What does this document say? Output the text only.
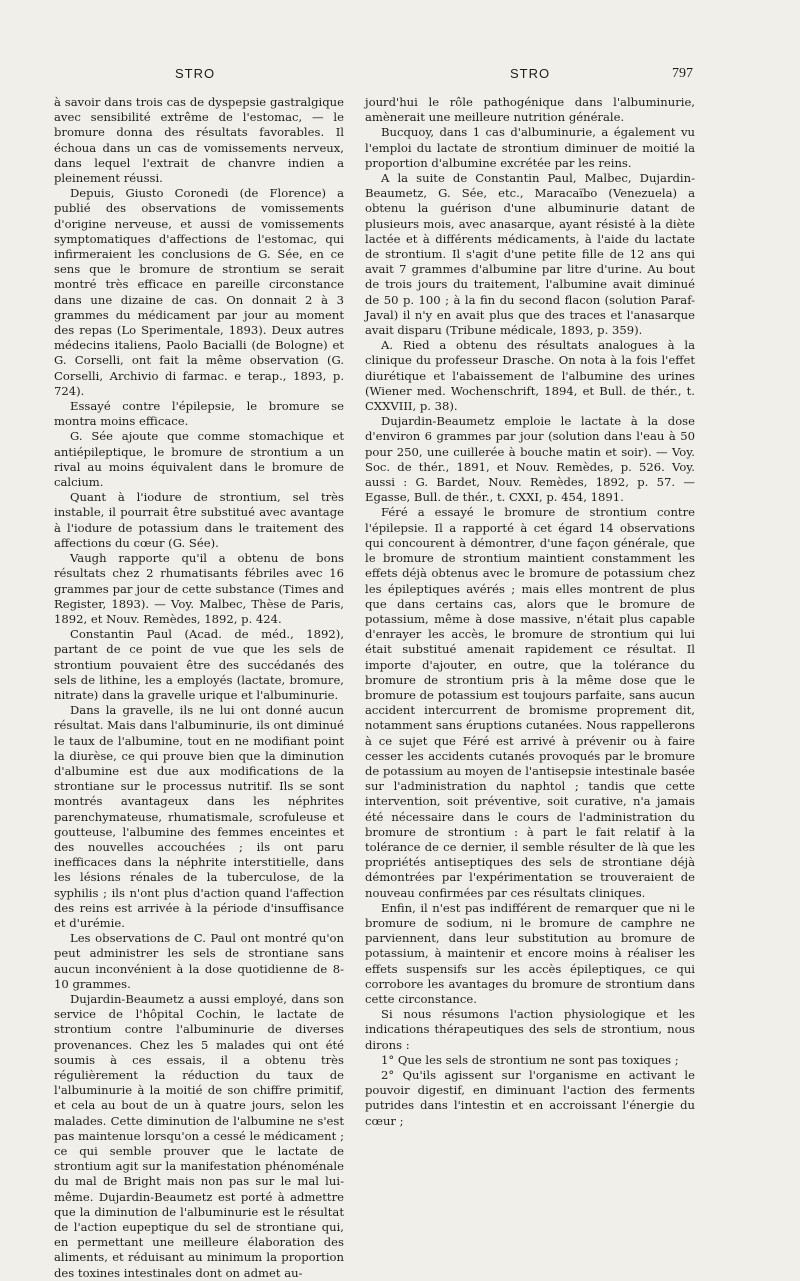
STRO	STRO	797

à savoir dans trois cas de dyspepsie gastralgique avec sensibilité extrême de l'estomac, — le bromure donna des résultats favorables. Il échoua dans un cas de vomissements nerveux, dans lequel l'extrait de chanvre indien a pleinement réussi.

Depuis, Giusto Coronedi (de Florence) a publié des observations de vomissements d'origine nerveuse, et aussi de vomissements symptomatiques d'affections de l'estomac, qui infirmeraient les conclusions de G. Sée, en ce sens que le bromure de strontium se serait montré très efficace en pareille circonstance dans une dizaine de cas. On donnait 2 à 3 grammes du médicament par jour au moment des repas (Lo Sperimentale, 1893). Deux autres médecins italiens, Paolo Bacialli (de Bologne) et G. Corselli, ont fait la même observation (G. Corselli, Archivio di farmac. e terap., 1893, p. 724).

Essayé contre l'épilepsie, le bromure se montra moins efficace.

G. Sée ajoute que comme stomachique et antiépileptique, le bromure de strontium a un rival au moins équivalent dans le bromure de calcium.

Quant à l'iodure de strontium, sel très instable, il pourrait être substitué avec avantage à l'iodure de potassium dans le traitement des affections du cœur (G. Sée).

Vaugh rapporte qu'il a obtenu de bons résultats chez 2 rhumatisants fébriles avec 16 grammes par jour de cette substance (Times and Register, 1893). — Voy. Malbec, Thèse de Paris, 1892, et Nouv. Remèdes, 1892, p. 424.

Constantin Paul (Acad. de méd., 1892), partant de ce point de vue que les sels de strontium pouvaient être des succédanés des sels de lithine, les a employés (lactate, bromure, nitrate) dans la gravelle urique et l'albuminurie.

Dans la gravelle, ils ne lui ont donné aucun résultat. Mais dans l'albuminurie, ils ont diminué le taux de l'albumine, tout en ne modifiant point la diurèse, ce qui prouve bien que la diminution d'albumine est due aux modifications de la strontiane sur le processus nutritif. Ils se sont montrés avantageux dans les néphrites parenchymateuse, rhumatismale, scrofuleuse et goutteuse, l'albumine des femmes enceintes et des nouvelles accouchées ; ils ont paru inefficaces dans la néphrite interstitielle, dans les lésions rénales de la tuberculose, de la syphilis ; ils n'ont plus d'action quand l'affection des reins est arrivée à la période d'insuffisance et d'urémie.

Les observations de C. Paul ont montré qu'on peut administrer les sels de strontiane sans aucun inconvénient à la dose quotidienne de 8-10 grammes.

Dujardin-Beaumetz a aussi employé, dans son service de l'hôpital Cochin, le lactate de strontium contre l'albuminurie de diverses provenances. Chez les 5 malades qui ont été soumis à ces essais, il a obtenu très régulièrement la réduction du taux de l'albuminurie à la moitié de son chiffre primitif, et cela au bout de un à quatre jours, selon les malades. Cette diminution de l'albumine ne s'est pas maintenue lorsqu'on a cessé le médicament ; ce qui semble prouver que le lactate de strontium agit sur la manifestation phénoménale du mal de Bright mais non pas sur le mal lui-même. Dujardin-Beaumetz est porté à admettre que la diminution de l'albuminurie est le résultat de l'action eupeptique du sel de strontiane qui, en permettant une meilleure élaboration des aliments, et réduisant au minimum la proportion des toxines intestinales dont on admet au-

jourd'hui le rôle pathogénique dans l'albuminurie, amènerait une meilleure nutrition générale.

Bucquoy, dans 1 cas d'albuminurie, a également vu l'emploi du lactate de strontium diminuer de moitié la proportion d'albumine excrétée par les reins.

A la suite de Constantin Paul, Malbec, Dujardin-Beaumetz, G. Sée, etc., Maracaïbo (Venezuela) a obtenu la guérison d'une albuminurie datant de plusieurs mois, avec anasarque, ayant résisté à la diète lactée et à différents médicaments, à l'aide du lactate de strontium. Il s'agit d'une petite fille de 12 ans qui avait 7 grammes d'albumine par litre d'urine. Au bout de trois jours du traitement, l'albumine avait diminué de 50 p. 100 ; à la fin du second flacon (solution Paraf-Javal) il n'y en avait plus que des traces et l'anasarque avait disparu (Tribune médicale, 1893, p. 359).

A. Ried a obtenu des résultats analogues à la clinique du professeur Drasche. On nota à la fois l'effet diurétique et l'abaissement de l'albumine des urines (Wiener med. Wochenschrift, 1894, et Bull. de thér., t. CXXVIII, p. 38).

Dujardin-Beaumetz emploie le lactate à la dose d'environ 6 grammes par jour (solution dans l'eau à 50 pour 250, une cuillerée à bouche matin et soir). — Voy. Soc. de thér., 1891, et Nouv. Remèdes, p. 526. Voy. aussi : G. Bardet, Nouv. Remèdes, 1892, p. 57. — Egasse, Bull. de thér., t. CXXI, p. 454, 1891.

Féré a essayé le bromure de strontium contre l'épilepsie. Il a rapporté à cet égard 14 observations qui concourent à démontrer, d'une façon générale, que le bromure de strontium maintient constamment les effets déjà obtenus avec le bromure de potassium chez les épileptiques avérés ; mais elles montrent de plus que dans certains cas, alors que le bromure de potassium, même à dose massive, n'était plus capable d'enrayer les accès, le bromure de strontium qui lui était substitué amenait rapidement ce résultat. Il importe d'ajouter, en outre, que la tolérance du bromure de strontium pris à la même dose que le bromure de potassium est toujours parfaite, sans aucun accident intercurrent de bromisme proprement dit, notamment sans éruptions cutanées. Nous rappellerons à ce sujet que Féré est arrivé à prévenir ou à faire cesser les accidents cutanés provoqués par le bromure de potassium au moyen de l'antisepsie intestinale basée sur l'administration du naphtol ; tandis que cette intervention, soit préventive, soit curative, n'a jamais été nécessaire dans le cours de l'administration du bromure de strontium : à part le fait relatif à la tolérance de ce dernier, il semble résulter de là que les propriétés antiseptiques des sels de strontiane déjà démontrées par l'expérimentation se trouveraient de nouveau confirmées par ces résultats cliniques.

Enfin, il n'est pas indifférent de remarquer que ni le bromure de sodium, ni le bromure de camphre ne parviennent, dans leur substitution au bromure de potassium, à maintenir et encore moins à réaliser les effets suspensifs sur les accès épileptiques, ce qui corrobore les avantages du bromure de strontium dans cette circonstance.

Si nous résumons l'action physiologique et les indications thérapeutiques des sels de strontium, nous dirons :

1° Que les sels de strontium ne sont pas toxiques ;

2° Qu'ils agissent sur l'organisme en activant le pouvoir digestif, en diminuant l'action des ferments putrides dans l'intestin et en accroissant l'énergie du cœur ;
